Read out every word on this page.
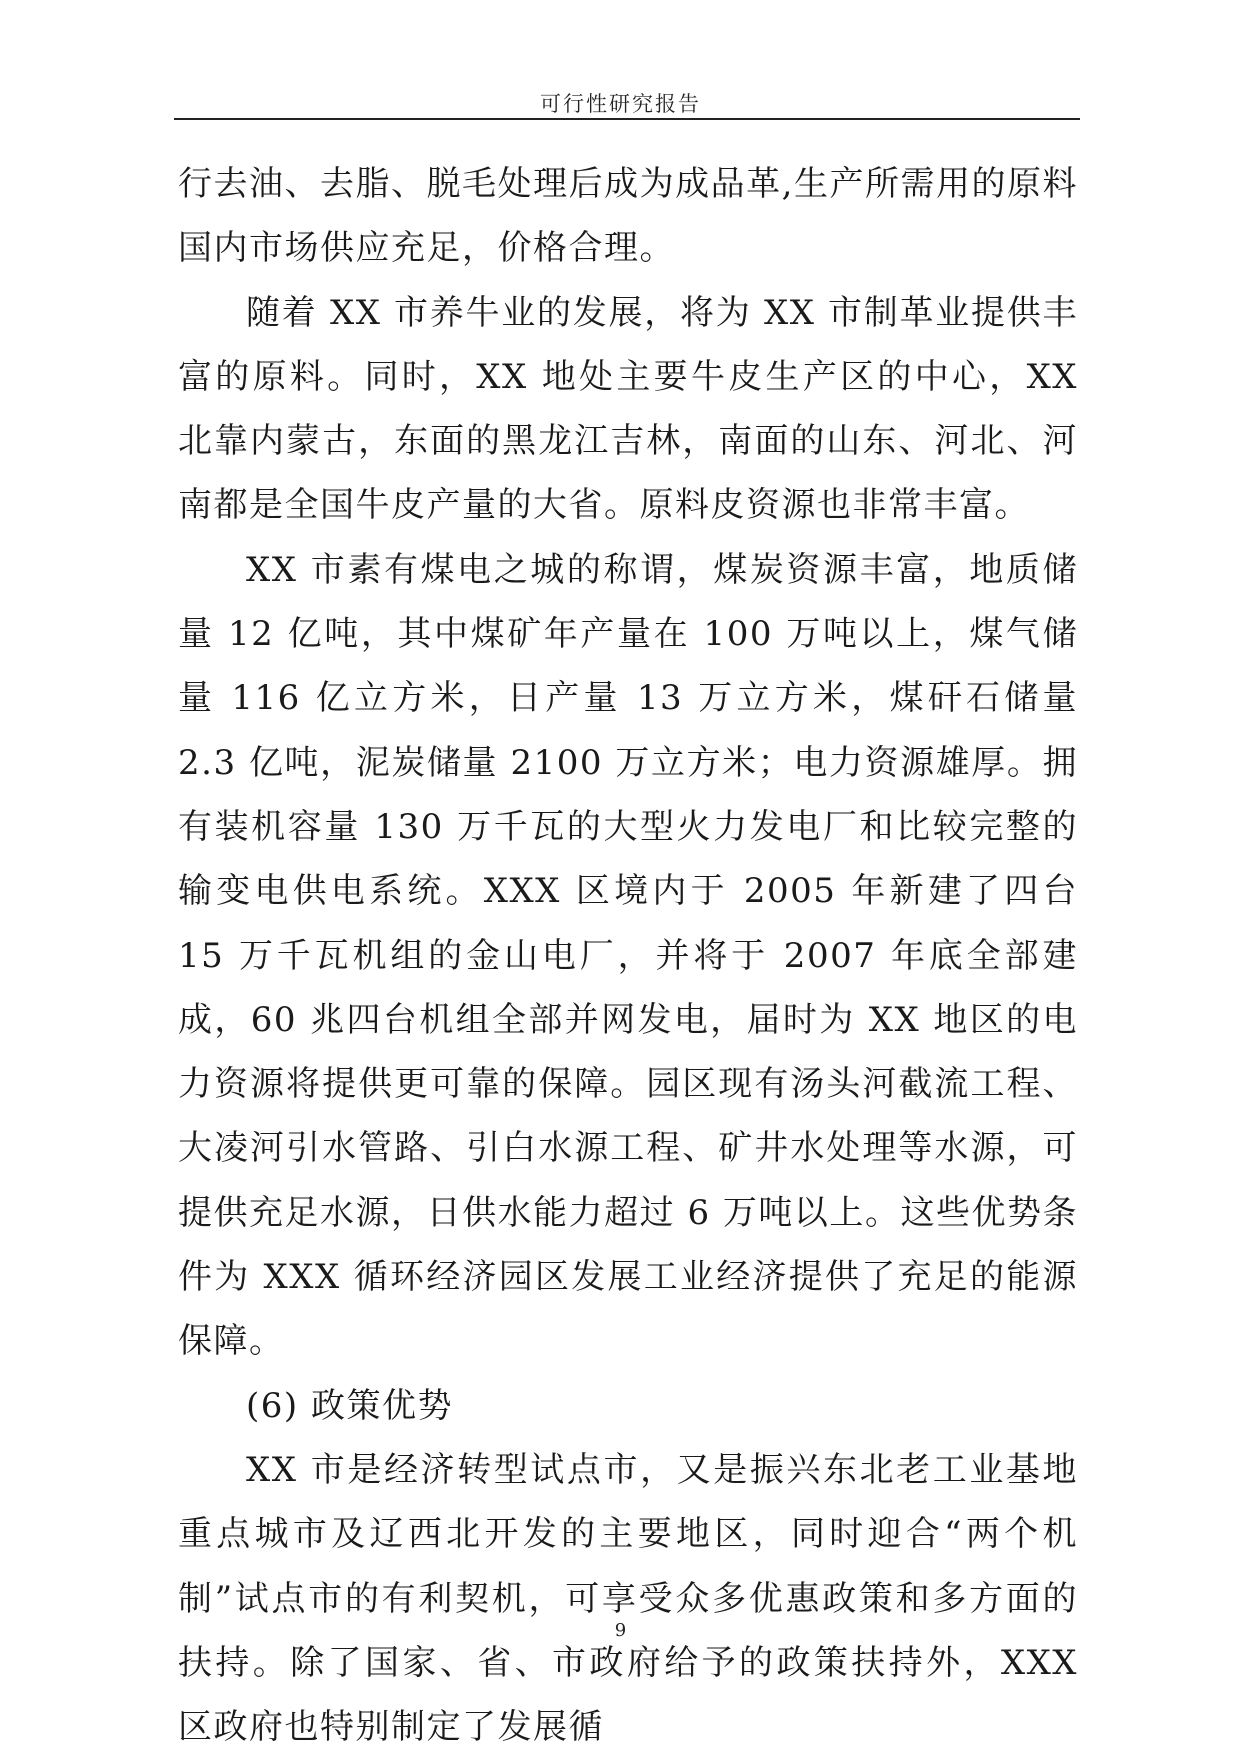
可行性研究报告

行去油、去脂、脱毛处理后成为成品革,生产所需用的原料国内市场供应充足，价格合理。

随着 XX 市养牛业的发展，将为 XX 市制革业提供丰富的原料。同时，XX 地处主要牛皮生产区的中心，XX 北靠内蒙古，东面的黑龙江吉林，南面的山东、河北、河南都是全国牛皮产量的大省。原料皮资源也非常丰富。

XX 市素有煤电之城的称谓，煤炭资源丰富，地质储量 12 亿吨，其中煤矿年产量在 100 万吨以上，煤气储量 116 亿立方米，日产量 13 万立方米，煤矸石储量 2.3 亿吨，泥炭储量 2100 万立方米；电力资源雄厚。拥有装机容量 130 万千瓦的大型火力发电厂和比较完整的输变电供电系统。XXX 区境内于 2005 年新建了四台 15 万千瓦机组的金山电厂，并将于 2007 年底全部建成，60 兆四台机组全部并网发电，届时为 XX 地区的电力资源将提供更可靠的保障。园区现有汤头河截流工程、大凌河引水管路、引白水源工程、矿井水处理等水源，可提供充足水源，日供水能力超过 6 万吨以上。这些优势条件为 XXX 循环经济园区发展工业经济提供了充足的能源保障。

(6) 政策优势

XX 市是经济转型试点市，又是振兴东北老工业基地重点城市及辽西北开发的主要地区，同时迎合“两个机制”试点市的有利契机，可享受众多优惠政策和多方面的扶持。除了国家、省、市政府给予的政策扶持外，XXX 区政府也特别制定了发展循

9
